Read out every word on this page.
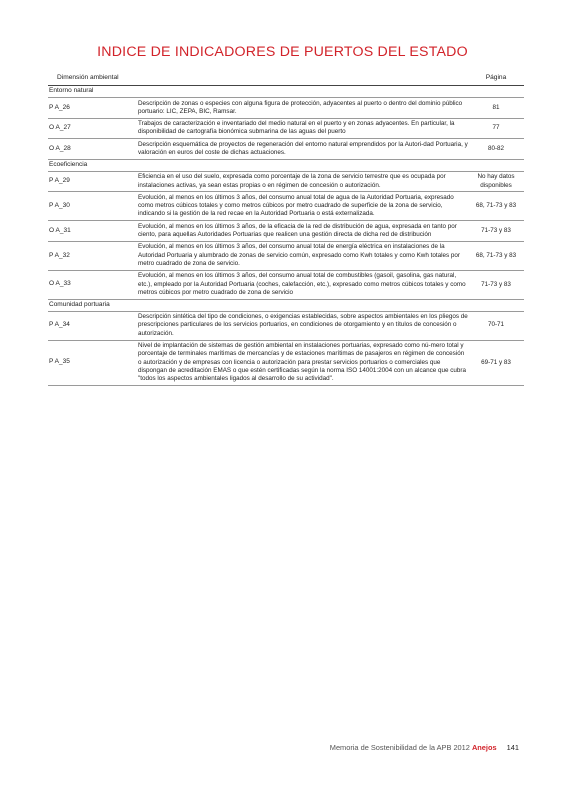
INDICE DE INDICADORES DE PUERTOS DEL ESTADO
Dimensión ambiental		Página
Entorno natural		
P A_26	Descripción de zonas o especies con alguna figura de protección, adyacentes al puerto o dentro del dominio público portuario: LIC, ZEPA, BIC, Ramsar.	81
O A_27	Trabajos de caracterización e inventariado del medio natural en el puerto y en zonas adyacentes. En particular, la disponibilidad de cartografía bionómica submarina de las aguas del puerto	77
O A_28	Descripción esquemática de proyectos de regeneración del entorno natural emprendidos por la Autori-dad Portuaria, y valoración en euros del coste de dichas actuaciones.	80-82
Ecoeficiencia		
P A_29	Eficiencia en el uso del suelo, expresada como porcentaje de la zona de servicio terrestre que es ocupada por instalaciones activas, ya sean estas propias o en régimen de concesión o autorización.	No hay datos disponibles
P A_30	Evolución, al menos en los últimos 3 años, del consumo anual total de agua de la Autoridad Portuaria, expresado como metros cúbicos totales y como metros cúbicos por metro cuadrado de superficie de la zona de servicio, indicando si la gestión de la red recae en la Autoridad Portuaria o está externalizada.	68, 71-73 y 83
O A_31	Evolución, al menos en los últimos 3 años, de la eficacia de la red de distribución de agua, expresada en tanto por ciento, para aquellas Autoridades Portuarias que realicen una gestión directa de dicha red de distribución	71-73 y 83
P A_32	Evolución, al menos en los últimos 3 años, del consumo anual total de energía eléctrica en instalaciones de la Autoridad Portuaria y alumbrado de zonas de servicio común, expresado como Kwh totales y como Kwh totales por metro cuadrado de zona de servicio.	68, 71-73 y 83
O A_33	Evolución, al menos en los últimos 3 años, del consumo anual total de combustibles (gasoil, gasolina, gas natural, etc.), empleado por la Autoridad Portuaria (coches, calefacción, etc.), expresado como metros cúbicos totales y como metros cúbicos por metro cuadrado de zona de servicio	71-73 y 83
Comunidad portuaria		
P A_34	Descripción sintética del tipo de condiciones, o exigencias establecidas, sobre aspectos ambientales en los pliegos de prescripciones particulares de los servicios portuarios, en condiciones de otorgamiento y en títulos de concesión o autorización.	70-71
P A_35	Nivel de implantación de sistemas de gestión ambiental en instalaciones portuarias, expresado como nú-mero total y porcentaje de terminales marítimas de mercancías y de estaciones marítimas de pasajeros en régimen de concesión o autorización y de empresas con licencia o autorización para prestar servicios portuarios o comerciales que dispongan de acreditación EMAS o que estén certificadas según la norma ISO 14001:2004 con un alcance que cubra "todos los aspectos ambientales ligados al desarrollo de su actividad".	69-71 y 83
Memoria de Sostenibilidad de la APB 2012 Anejos 141
